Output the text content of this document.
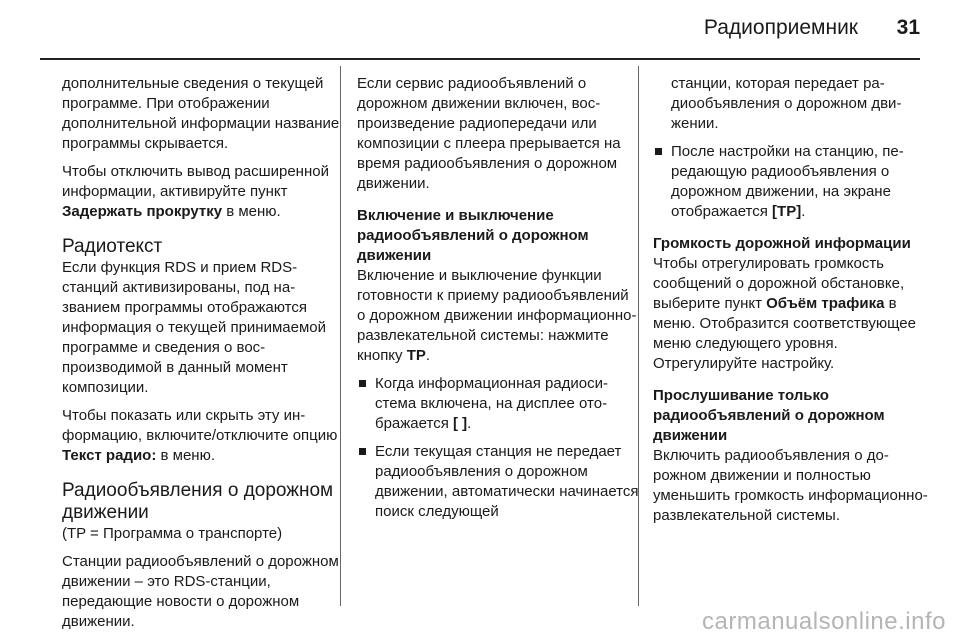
Радиоприемник 31

дополнительные сведения о текущей программе. При отображении дополнительной информации название программы скрывается.

Чтобы отключить вывод расширенной информации, активируйте пункт Задержать прокрутку в меню.

Радиотекст

Если функция RDS и прием RDS-станций активизированы, под названием программы отображаются информация о текущей принимаемой программе и сведения о воспроизводимой в данный момент композиции.

Чтобы показать или скрыть эту информацию, включите/отключите опцию Текст радио: в меню.

Радиообъявления о дорожном движении

(TP = Программа о транспорте)

Станции радиообъявлений о дорожном движении – это RDS-станции, передающие новости о дорожном движении.

Если сервис радиообъявлений о дорожном движении включен, воспроизведение радиопередачи или композиции с плеера прерывается на время радиообъявления о дорожном движении.

Включение и выключение радиообъявлений о дорожном движении

Включение и выключение функции готовности к приему радиообъявлений о дорожном движении информационно-развлекательной системы: нажмите кнопку TP.

Когда информационная радиосистема включена, на дисплее отображается [ ].
Если текущая станция не передает радиообъявления о дорожном движении, автоматически начинается поиск следующей

станции, которая передает радиообъявления о дорожном движении.

После настройки на станцию, передающую радиообъявления о дорожном движении, на экране отображается [TP].
Громкость дорожной информации

Чтобы отрегулировать громкость сообщений о дорожной обстановке, выберите пункт Объём трафика в меню. Отобразится соответствующее меню следующего уровня. Отрегулируйте настройку.

Прослушивание только радиообъявлений о дорожном движении

Включить радиообъявления о дорожном движении и полностью уменьшить громкость информационно-развлекательной системы.

carmanualsonline.info
